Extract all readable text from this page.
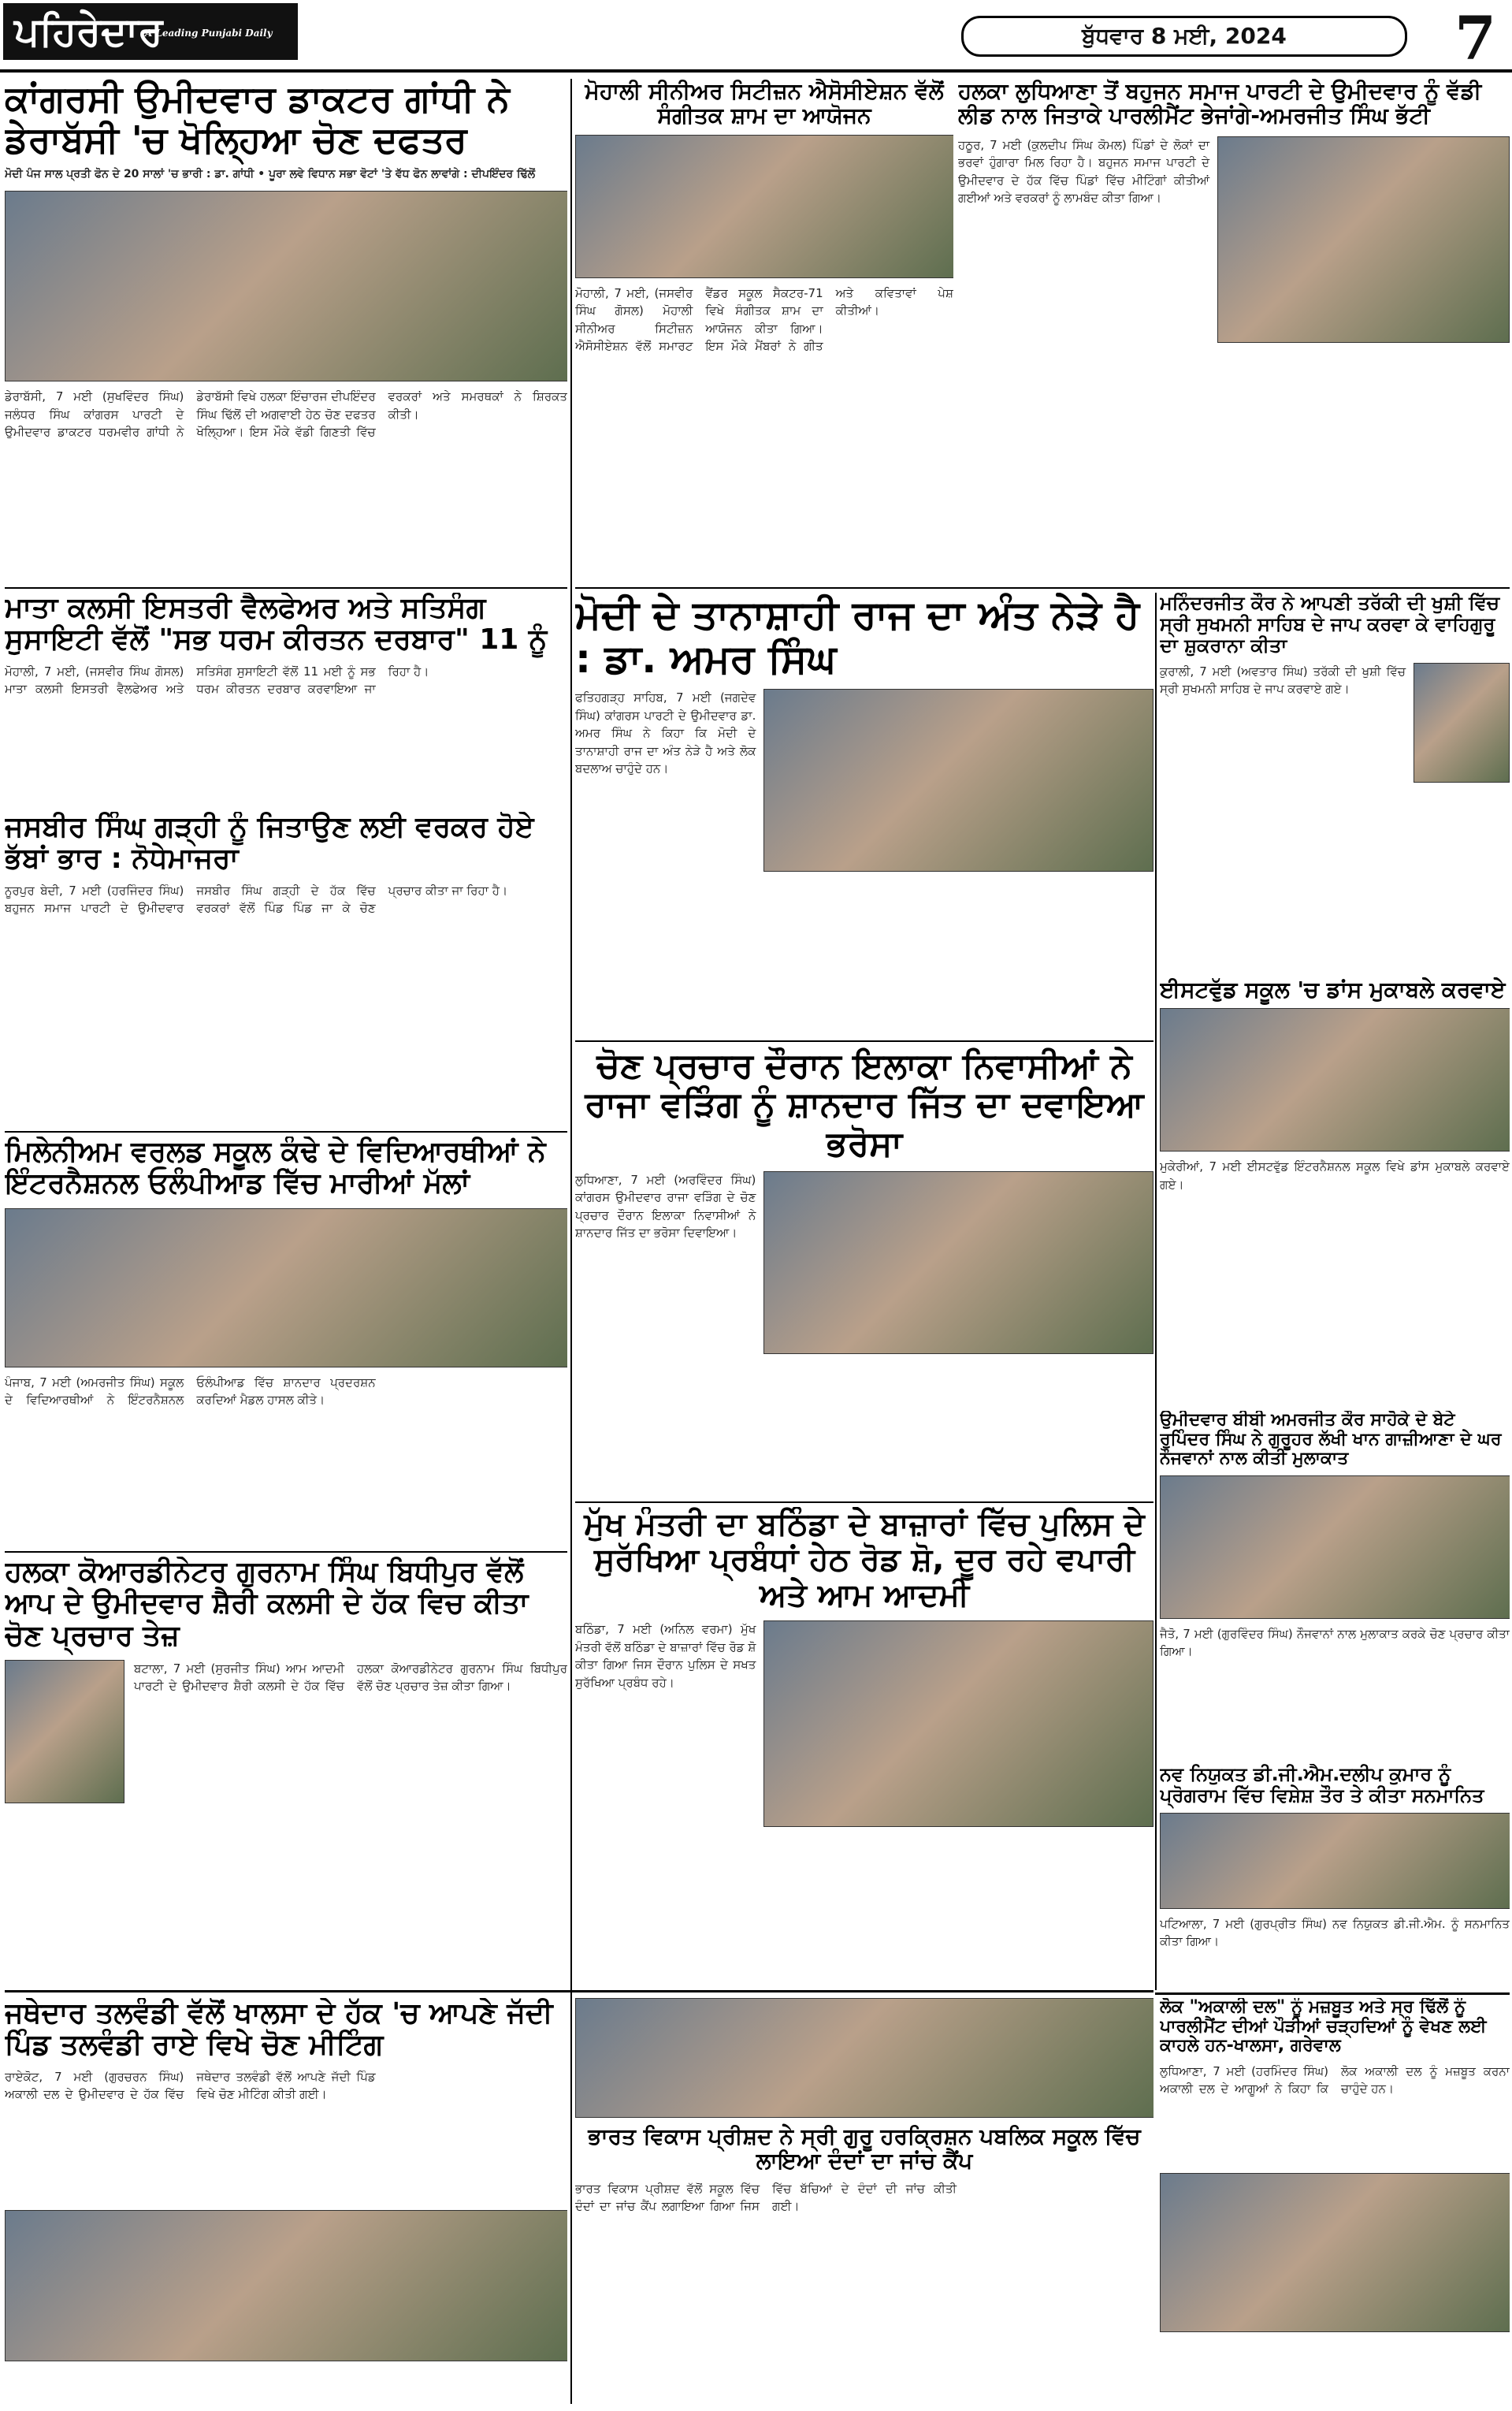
ਪਹਿਰੇਦਾਰ
A Leading Punjabi Daily	ਬੁੱਧਵਾਰ 8 ਮਈ, 2024	7
ਕਾਂਗਰਸੀ ਉਮੀਦਵਾਰ ਡਾਕਟਰ ਗਾਂਧੀ ਨੇ ਡੇਰਾਬੱਸੀ 'ਚ ਖੋਲ੍ਹਿਆ ਚੋਣ ਦਫਤਰ
ਮੋਦੀ ਪੰਜ ਸਾਲ ਪ੍ਰਤੀ ਫੋਨ ਦੇ 20 ਸਾਲਾਂ 'ਚ ਭਾਰੀ : ਡਾ. ਗਾਂਧੀ • ਪੂਰਾ ਲਵੇ ਵਿਧਾਨ ਸਭਾ ਵੋਟਾਂ 'ਤੇ ਵੱਧ ਫੋਨ ਲਾਵਾਂਗੇ : ਦੀਪਇੰਦਰ ਢਿੱਲੋਂ
ਡੇਰਾਬੱਸੀ, 7 ਮਈ (ਸੁਖਵਿੰਦਰ ਸਿੰਘ) ਜਲੰਧਰ ਸਿੰਘ ਕਾਂਗਰਸ ਪਾਰਟੀ ਦੇ ਉਮੀਦਵਾਰ ਡਾਕਟਰ ਧਰਮਵੀਰ ਗਾਂਧੀ ਨੇ ਡੇਰਾਬੱਸੀ ਵਿਖੇ ਹਲਕਾ ਇੰਚਾਰਜ ਦੀਪਇੰਦਰ ਸਿੰਘ ਢਿੱਲੋਂ ਦੀ ਅਗਵਾਈ ਹੇਠ ਚੋਣ ਦਫਤਰ ਖੋਲ੍ਹਿਆ। ਇਸ ਮੌਕੇ ਵੱਡੀ ਗਿਣਤੀ ਵਿੱਚ ਵਰਕਰਾਂ ਅਤੇ ਸਮਰਥਕਾਂ ਨੇ ਸ਼ਿਰਕਤ ਕੀਤੀ।
ਮਾਤਾ ਕਲਸੀ ਇਸਤਰੀ ਵੈਲਫੇਅਰ ਅਤੇ ਸਤਿਸੰਗ ਸੁਸਾਇਟੀ ਵੱਲੋਂ "ਸਭ ਧਰਮ ਕੀਰਤਨ ਦਰਬਾਰ" 11 ਨੂੰ
ਮੋਹਾਲੀ, 7 ਮਈ, (ਜਸਵੀਰ ਸਿੰਘ ਗੋਸਲ) ਮਾਤਾ ਕਲਸੀ ਇਸਤਰੀ ਵੈਲਫੇਅਰ ਅਤੇ ਸਤਿਸੰਗ ਸੁਸਾਇਟੀ ਵੱਲੋਂ 11 ਮਈ ਨੂੰ ਸਭ ਧਰਮ ਕੀਰਤਨ ਦਰਬਾਰ ਕਰਵਾਇਆ ਜਾ ਰਿਹਾ ਹੈ।
ਜਸਬੀਰ ਸਿੰਘ ਗੜ੍ਹੀ ਨੂੰ ਜਿਤਾਉਣ ਲਈ ਵਰਕਰ ਹੋਏ ਭੱਬਾਂ ਭਾਰ : ਨੋਧੇਮਾਜਰਾ
ਨੂਰਪੁਰ ਬੇਦੀ, 7 ਮਈ (ਹਰਜਿੰਦਰ ਸਿੰਘ) ਬਹੁਜਨ ਸਮਾਜ ਪਾਰਟੀ ਦੇ ਉਮੀਦਵਾਰ ਜਸਬੀਰ ਸਿੰਘ ਗੜ੍ਹੀ ਦੇ ਹੱਕ ਵਿੱਚ ਵਰਕਰਾਂ ਵੱਲੋਂ ਪਿੰਡ ਪਿੰਡ ਜਾ ਕੇ ਚੋਣ ਪ੍ਰਚਾਰ ਕੀਤਾ ਜਾ ਰਿਹਾ ਹੈ।
ਮਿਲੇਨੀਅਮ ਵਰਲਡ ਸਕੂਲ ਕੰਢੇ ਦੇ ਵਿਦਿਆਰਥੀਆਂ ਨੇ ਇੰਟਰਨੈਸ਼ਨਲ ਓਲੰਪੀਆਡ ਵਿੱਚ ਮਾਰੀਆਂ ਮੱਲਾਂ
ਪੰਜਾਬ, 7 ਮਈ (ਅਮਰਜੀਤ ਸਿੰਘ) ਸਕੂਲ ਦੇ ਵਿਦਿਆਰਥੀਆਂ ਨੇ ਇੰਟਰਨੈਸ਼ਨਲ ਓਲੰਪੀਆਡ ਵਿੱਚ ਸ਼ਾਨਦਾਰ ਪ੍ਰਦਰਸ਼ਨ ਕਰਦਿਆਂ ਮੈਡਲ ਹਾਸਲ ਕੀਤੇ।
ਹਲਕਾ ਕੋਆਰਡੀਨੇਟਰ ਗੁਰਨਾਮ ਸਿੰਘ ਬਿਧੀਪੁਰ ਵੱਲੋਂ ਆਪ ਦੇ ਉਮੀਦਵਾਰ ਸ਼ੈਰੀ ਕਲਸੀ ਦੇ ਹੱਕ ਵਿਚ ਕੀਤਾ ਚੋਣ ਪ੍ਰਚਾਰ ਤੇਜ਼
ਬਟਾਲਾ, 7 ਮਈ (ਸੁਰਜੀਤ ਸਿੰਘ) ਆਮ ਆਦਮੀ ਪਾਰਟੀ ਦੇ ਉਮੀਦਵਾਰ ਸ਼ੈਰੀ ਕਲਸੀ ਦੇ ਹੱਕ ਵਿੱਚ ਹਲਕਾ ਕੋਆਰਡੀਨੇਟਰ ਗੁਰਨਾਮ ਸਿੰਘ ਬਿਧੀਪੁਰ ਵੱਲੋਂ ਚੋਣ ਪ੍ਰਚਾਰ ਤੇਜ਼ ਕੀਤਾ ਗਿਆ।
ਜਥੇਦਾਰ ਤਲਵੰਡੀ ਵੱਲੋਂ ਖਾਲਸਾ ਦੇ ਹੱਕ 'ਚ ਆਪਣੇ ਜੱਦੀ ਪਿੰਡ ਤਲਵੰਡੀ ਰਾਏ ਵਿਖੇ ਚੋਣ ਮੀਟਿੰਗ
ਰਾਏਕੋਟ, 7 ਮਈ (ਗੁਰਚਰਨ ਸਿੰਘ) ਅਕਾਲੀ ਦਲ ਦੇ ਉਮੀਦਵਾਰ ਦੇ ਹੱਕ ਵਿੱਚ ਜਥੇਦਾਰ ਤਲਵੰਡੀ ਵੱਲੋਂ ਆਪਣੇ ਜੱਦੀ ਪਿੰਡ ਵਿਖੇ ਚੋਣ ਮੀਟਿੰਗ ਕੀਤੀ ਗਈ।
ਮੋਹਾਲੀ ਸੀਨੀਅਰ ਸਿਟੀਜ਼ਨ ਐਸੋਸੀਏਸ਼ਨ ਵੱਲੋਂ ਸੰਗੀਤਕ ਸ਼ਾਮ ਦਾ ਆਯੋਜਨ
ਮੋਹਾਲੀ, 7 ਮਈ, (ਜਸਵੀਰ ਸਿੰਘ ਗੋਸਲ) ਮੋਹਾਲੀ ਸੀਨੀਅਰ ਸਿਟੀਜ਼ਨ ਐਸੋਸੀਏਸ਼ਨ ਵੱਲੋਂ ਸਮਾਰਟ ਵੈਂਡਰ ਸਕੂਲ ਸੈਕਟਰ-71 ਵਿਖੇ ਸੰਗੀਤਕ ਸ਼ਾਮ ਦਾ ਆਯੋਜਨ ਕੀਤਾ ਗਿਆ। ਇਸ ਮੌਕੇ ਮੈਂਬਰਾਂ ਨੇ ਗੀਤ ਅਤੇ ਕਵਿਤਾਵਾਂ ਪੇਸ਼ ਕੀਤੀਆਂ।
ਹਲਕਾ ਲੁਧਿਆਣਾ ਤੋਂ ਬਹੁਜਨ ਸਮਾਜ ਪਾਰਟੀ ਦੇ ਉਮੀਦਵਾਰ ਨੂੰ ਵੱਡੀ ਲੀਡ ਨਾਲ ਜਿਤਾਕੇ ਪਾਰਲੀਮੈਂਟ ਭੇਜਾਂਗੇ-ਅਮਰਜੀਤ ਸਿੰਘ ਭੱਟੀ
ਹਠੂਰ, 7 ਮਈ (ਕੁਲਦੀਪ ਸਿੰਘ ਕੋਮਲ) ਪਿੰਡਾਂ ਦੇ ਲੋਕਾਂ ਦਾ ਭਰਵਾਂ ਹੁੰਗਾਰਾ ਮਿਲ ਰਿਹਾ ਹੈ। ਬਹੁਜਨ ਸਮਾਜ ਪਾਰਟੀ ਦੇ ਉਮੀਦਵਾਰ ਦੇ ਹੱਕ ਵਿੱਚ ਪਿੰਡਾਂ ਵਿੱਚ ਮੀਟਿੰਗਾਂ ਕੀਤੀਆਂ ਗਈਆਂ ਅਤੇ ਵਰਕਰਾਂ ਨੂੰ ਲਾਮਬੰਦ ਕੀਤਾ ਗਿਆ।
ਮੋਦੀ ਦੇ ਤਾਨਾਸ਼ਾਹੀ ਰਾਜ ਦਾ ਅੰਤ ਨੇੜੇ ਹੈ : ਡਾ. ਅਮਰ ਸਿੰਘ
ਫਤਿਹਗੜ੍ਹ ਸਾਹਿਬ, 7 ਮਈ (ਜਗਦੇਵ ਸਿੰਘ) ਕਾਂਗਰਸ ਪਾਰਟੀ ਦੇ ਉਮੀਦਵਾਰ ਡਾ. ਅਮਰ ਸਿੰਘ ਨੇ ਕਿਹਾ ਕਿ ਮੋਦੀ ਦੇ ਤਾਨਾਸ਼ਾਹੀ ਰਾਜ ਦਾ ਅੰਤ ਨੇੜੇ ਹੈ ਅਤੇ ਲੋਕ ਬਦਲਾਅ ਚਾਹੁੰਦੇ ਹਨ।
ਚੋਣ ਪ੍ਰਚਾਰ ਦੌਰਾਨ ਇਲਾਕਾ ਨਿਵਾਸੀਆਂ ਨੇ ਰਾਜਾ ਵੜਿੰਗ ਨੂੰ ਸ਼ਾਨਦਾਰ ਜਿੱਤ ਦਾ ਦਵਾਇਆ ਭਰੋਸਾ
ਲੁਧਿਆਣਾ, 7 ਮਈ (ਅਰਵਿੰਦਰ ਸਿੰਘ) ਕਾਂਗਰਸ ਉਮੀਦਵਾਰ ਰਾਜਾ ਵੜਿੰਗ ਦੇ ਚੋਣ ਪ੍ਰਚਾਰ ਦੌਰਾਨ ਇਲਾਕਾ ਨਿਵਾਸੀਆਂ ਨੇ ਸ਼ਾਨਦਾਰ ਜਿੱਤ ਦਾ ਭਰੋਸਾ ਦਿਵਾਇਆ।
ਮੁੱਖ ਮੰਤਰੀ ਦਾ ਬਠਿੰਡਾ ਦੇ ਬਾਜ਼ਾਰਾਂ ਵਿੱਚ ਪੁਲਿਸ ਦੇ ਸੁਰੱਖਿਆ ਪ੍ਰਬੰਧਾਂ ਹੇਠ ਰੋਡ ਸ਼ੋ, ਦੂਰ ਰਹੇ ਵਪਾਰੀ ਅਤੇ ਆਮ ਆਦਮੀ
ਬਠਿੰਡਾ, 7 ਮਈ (ਅਨਿਲ ਵਰਮਾ) ਮੁੱਖ ਮੰਤਰੀ ਵੱਲੋਂ ਬਠਿੰਡਾ ਦੇ ਬਾਜ਼ਾਰਾਂ ਵਿੱਚ ਰੋਡ ਸ਼ੋ ਕੀਤਾ ਗਿਆ ਜਿਸ ਦੌਰਾਨ ਪੁਲਿਸ ਦੇ ਸਖਤ ਸੁਰੱਖਿਆ ਪ੍ਰਬੰਧ ਰਹੇ।
ਭਾਰਤ ਵਿਕਾਸ ਪ੍ਰੀਸ਼ਦ ਨੇ ਸ੍ਰੀ ਗੁਰੂ ਹਰਕ੍ਰਿਸ਼ਨ ਪਬਲਿਕ ਸਕੂਲ ਵਿੱਚ ਲਾਇਆ ਦੰਦਾਂ ਦਾ ਜਾਂਚ ਕੈਂਪ
ਭਾਰਤ ਵਿਕਾਸ ਪ੍ਰੀਸ਼ਦ ਵੱਲੋਂ ਸਕੂਲ ਵਿੱਚ ਦੰਦਾਂ ਦਾ ਜਾਂਚ ਕੈਂਪ ਲਗਾਇਆ ਗਿਆ ਜਿਸ ਵਿੱਚ ਬੱਚਿਆਂ ਦੇ ਦੰਦਾਂ ਦੀ ਜਾਂਚ ਕੀਤੀ ਗਈ।
ਮਨਿੰਦਰਜੀਤ ਕੌਰ ਨੇ ਆਪਣੀ ਤਰੱਕੀ ਦੀ ਖੁਸ਼ੀ ਵਿੱਚ ਸ੍ਰੀ ਸੁਖਮਨੀ ਸਾਹਿਬ ਦੇ ਜਾਪ ਕਰਵਾ ਕੇ ਵਾਹਿਗੁਰੂ ਦਾ ਸ਼ੁਕਰਾਨਾ ਕੀਤਾ
ਕੁਰਾਲੀ, 7 ਮਈ (ਅਵਤਾਰ ਸਿੰਘ) ਤਰੱਕੀ ਦੀ ਖੁਸ਼ੀ ਵਿੱਚ ਸ੍ਰੀ ਸੁਖਮਨੀ ਸਾਹਿਬ ਦੇ ਜਾਪ ਕਰਵਾਏ ਗਏ।
ਈਸਟਵੁੱਡ ਸਕੂਲ 'ਚ ਡਾਂਸ ਮੁਕਾਬਲੇ ਕਰਵਾਏ
ਮੁਕੇਰੀਆਂ, 7 ਮਈ ਈਸਟਵੁੱਡ ਇੰਟਰਨੈਸ਼ਨਲ ਸਕੂਲ ਵਿਖੇ ਡਾਂਸ ਮੁਕਾਬਲੇ ਕਰਵਾਏ ਗਏ।
ਉਮੀਦਵਾਰ ਬੀਬੀ ਅਮਰਜੀਤ ਕੌਰ ਸਾਹੋਕੇ ਦੇ ਬੇਟੇ ਰੁਪਿੰਦਰ ਸਿੰਘ ਨੇ ਗੁਰੂਹਰ ਲੱਖੀ ਖਾਨ ਗਾਜ਼ੀਆਣਾ ਦੇ ਘਰ ਨੌਜਵਾਨਾਂ ਨਾਲ ਕੀਤੀ ਮੁਲਾਕਾਤ
ਜੈਤੋ, 7 ਮਈ (ਗੁਰਵਿੰਦਰ ਸਿੰਘ) ਨੌਜਵਾਨਾਂ ਨਾਲ ਮੁਲਾਕਾਤ ਕਰਕੇ ਚੋਣ ਪ੍ਰਚਾਰ ਕੀਤਾ ਗਿਆ।
ਨਵ ਨਿਯੁਕਤ ਡੀ.ਜੀ.ਐਮ.ਦਲੀਪ ਕੁਮਾਰ ਨੂੰ ਪ੍ਰੋਗਰਾਮ ਵਿੱਚ ਵਿਸ਼ੇਸ਼ ਤੌਰ ਤੇ ਕੀਤਾ ਸਨਮਾਨਿਤ
ਪਟਿਆਲਾ, 7 ਮਈ (ਗੁਰਪ੍ਰੀਤ ਸਿੰਘ) ਨਵ ਨਿਯੁਕਤ ਡੀ.ਜੀ.ਐਮ. ਨੂੰ ਸਨਮਾਨਿਤ ਕੀਤਾ ਗਿਆ।
ਲੋਕ "ਅਕਾਲੀ ਦਲ" ਨੂੰ ਮਜ਼ਬੂਤ ਅਤੇ ਸ੍ਰ ਢਿੱਲੋਂ ਨੂੰ ਪਾਰਲੀਮੈਂਟ ਦੀਆਂ ਪੌੜੀਆਂ ਚੜ੍ਹਦਿਆਂ ਨੂੰ ਵੇਖਣ ਲਈ ਕਾਹਲੇ ਹਨ-ਖਾਲਸਾ, ਗਰੇਵਾਲ
ਲੁਧਿਆਣਾ, 7 ਮਈ (ਹਰਮਿੰਦਰ ਸਿੰਘ) ਅਕਾਲੀ ਦਲ ਦੇ ਆਗੂਆਂ ਨੇ ਕਿਹਾ ਕਿ ਲੋਕ ਅਕਾਲੀ ਦਲ ਨੂੰ ਮਜ਼ਬੂਤ ਕਰਨਾ ਚਾਹੁੰਦੇ ਹਨ।
